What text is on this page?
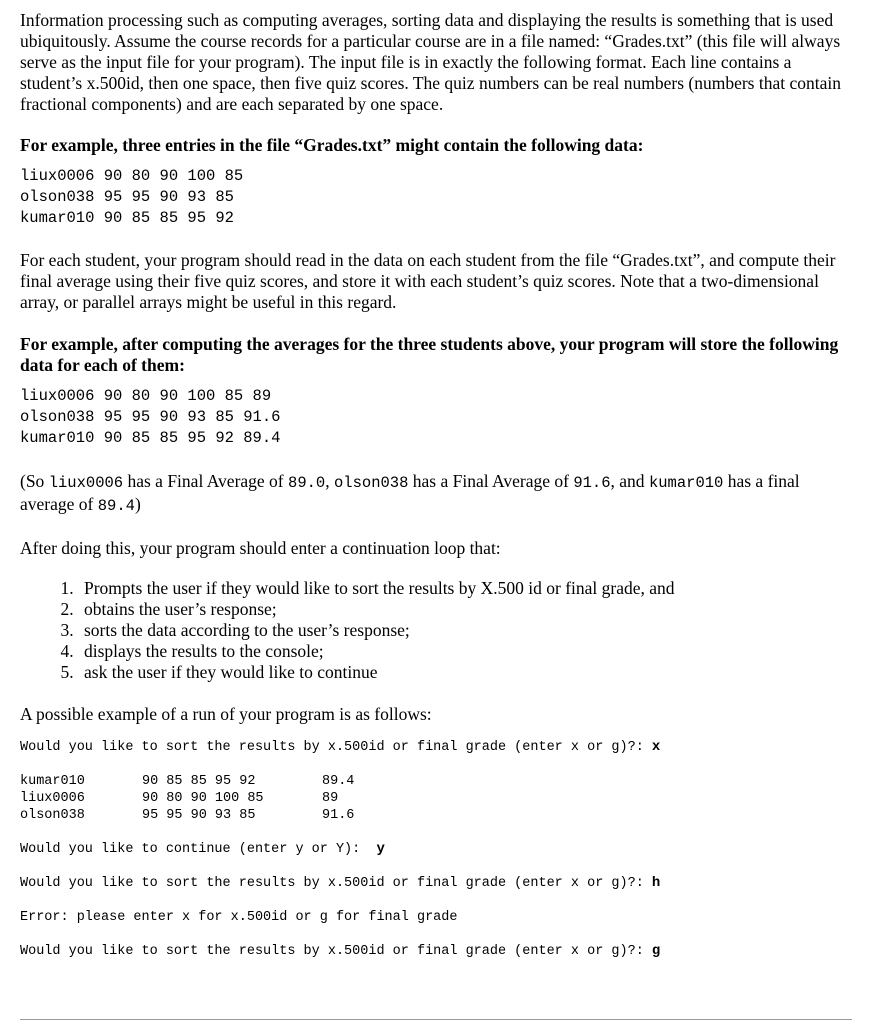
Information processing such as computing averages, sorting data and displaying the results is something that is used ubiquitously. Assume the course records for a particular course are in a file named: “Grades.txt” (this file will always serve as the input file for your program). The input file is in exactly the following format. Each line contains a student’s x.500id, then one space, then five quiz scores. The quiz numbers can be real numbers (numbers that contain fractional components) and are each separated by one space.

For example, three entries in the file “Grades.txt” might contain the following data:

liux0006 90 80 90 100 85
olson038 95 95 90 93 85
kumar010 90 85 85 95 92

For each student, your program should read in the data on each student from the file “Grades.txt”, and compute their final average using their five quiz scores, and store it with each student’s quiz scores. Note that a two-dimensional array, or parallel arrays might be useful in this regard.

For example, after computing the averages for the three students above, your program will store the following data for each of them:

liux0006 90 80 90 100 85 89
olson038 95 95 90 93 85 91.6
kumar010 90 85 85 95 92 89.4

(So liux0006 has a Final Average of 89.0, olson038 has a Final Average of 91.6, and kumar010 has a final average of 89.4)

After doing this, your program should enter a continuation loop that:

1. Prompts the user if they would like to sort the results by X.500 id or final grade, and
2. obtains the user’s response;
3. sorts the data according to the user’s response;
4. displays the results to the console;
5. ask the user if they would like to continue

A possible example of a run of your program is as follows:

Would you like to sort the results by x.500id or final grade (enter x or g)?: x
kumar010	90 85 85 95 92	89.4
liux0006	90 80 90 100 85	89
olson038	95 95 90 93 85	91.6
Would you like to continue (enter y or Y):  y
Would you like to sort the results by x.500id or final grade (enter x or g)?: h
Error: please enter x for x.500id or g for final grade
Would you like to sort the results by x.500id or final grade (enter x or g)?: g
